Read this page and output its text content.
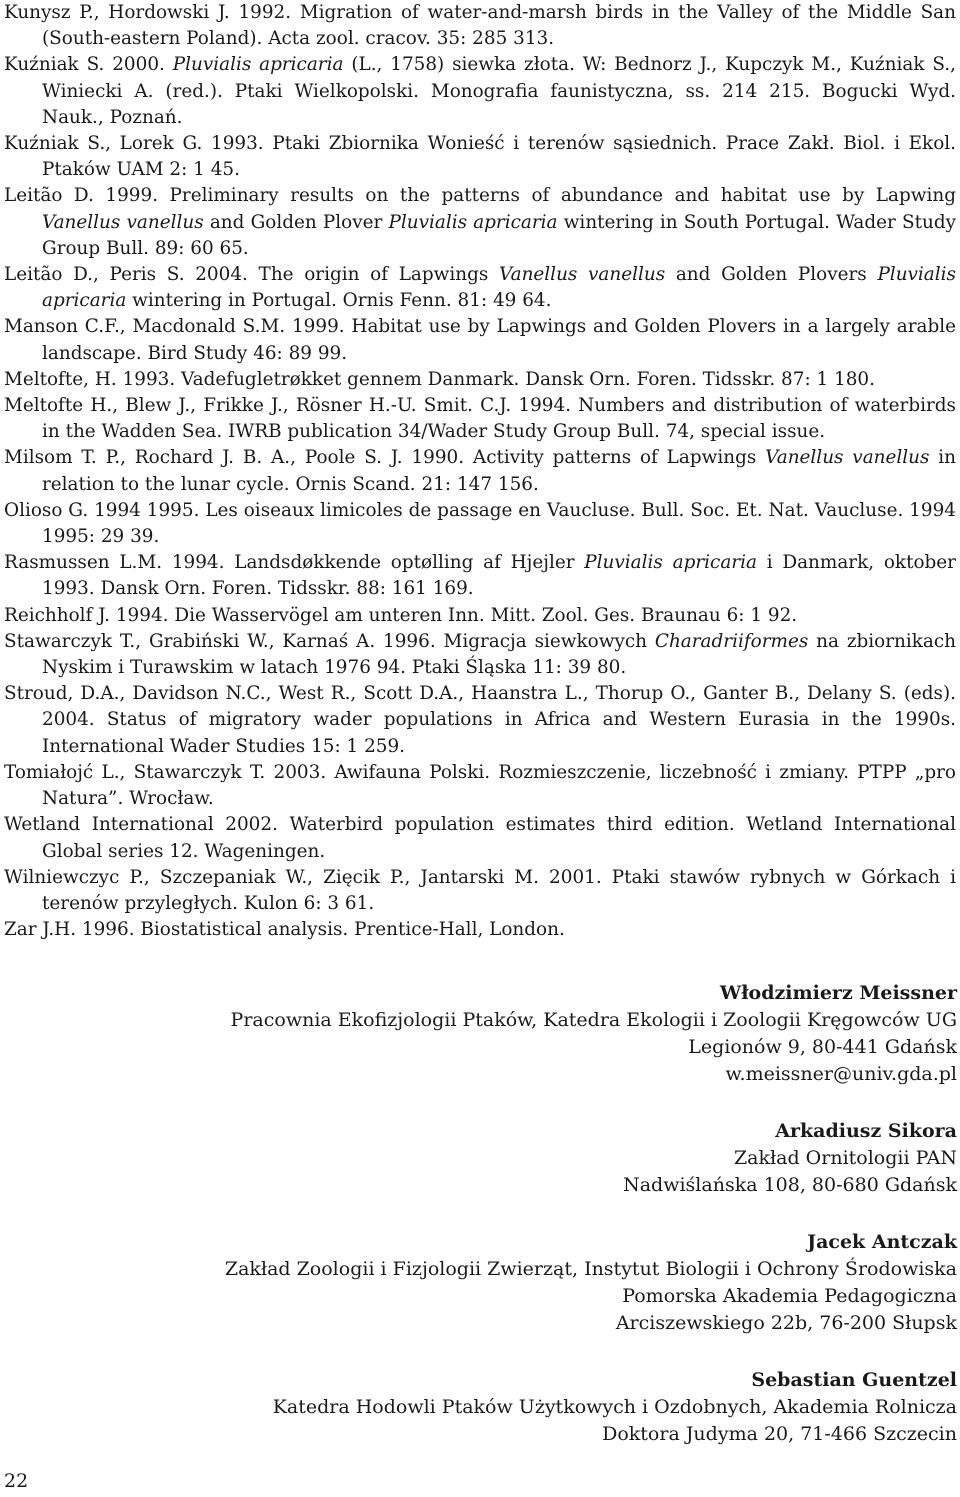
Kunysz P., Hordowski J. 1992. Migration of water-and-marsh birds in the Valley of the Middle San (South-eastern Poland). Acta zool. cracov. 35: 285 313.
Kuźniak S. 2000. Pluvialis apricaria (L., 1758) siewka złota. W: Bednorz J., Kupczyk M., Kuźniak S., Winiecki A. (red.). Ptaki Wielkopolski. Monografia faunistyczna, ss. 214 215. Bogucki Wyd. Nauk., Poznań.
Kuźniak S., Lorek G. 1993. Ptaki Zbiornika Wonieść i terenów sąsiednich. Prace Zakł. Biol. i Ekol. Ptaków UAM 2: 1 45.
Leitão D. 1999. Preliminary results on the patterns of abundance and habitat use by Lapwing Vanellus vanellus and Golden Plover Pluvialis apricaria wintering in South Portugal. Wader Study Group Bull. 89: 60 65.
Leitão D., Peris S. 2004. The origin of Lapwings Vanellus vanellus and Golden Plovers Pluvialis apricaria wintering in Portugal. Ornis Fenn. 81: 49 64.
Manson C.F., Macdonald S.M. 1999. Habitat use by Lapwings and Golden Plovers in a largely arable landscape. Bird Study 46: 89 99.
Meltofte, H. 1993. Vadefugletrøkket gennem Danmark. Dansk Orn. Foren. Tidsskr. 87: 1 180.
Meltofte H., Blew J., Frikke J., Rösner H.-U. Smit. C.J. 1994. Numbers and distribution of waterbirds in the Wadden Sea. IWRB publication 34/Wader Study Group Bull. 74, special issue.
Milsom T. P., Rochard J. B. A., Poole S. J. 1990. Activity patterns of Lapwings Vanellus vanellus in relation to the lunar cycle. Ornis Scand. 21: 147 156.
Olioso G. 1994 1995. Les oiseaux limicoles de passage en Vaucluse. Bull. Soc. Et. Nat. Vaucluse. 1994 1995: 29 39.
Rasmussen L.M. 1994. Landsdøkkende optølling af Hjejler Pluvialis apricaria i Danmark, oktober 1993. Dansk Orn. Foren. Tidsskr. 88: 161 169.
Reichholf J. 1994. Die Wasservögel am unteren Inn. Mitt. Zool. Ges. Braunau 6: 1 92.
Stawarczyk T., Grabiński W., Karnaś A. 1996. Migracja siewkowych Charadriiformes na zbiornikach Nyskim i Turawskim w latach 1976 94. Ptaki Śląska 11: 39 80.
Stroud, D.A., Davidson N.C., West R., Scott D.A., Haanstra L., Thorup O., Ganter B., Delany S. (eds). 2004. Status of migratory wader populations in Africa and Western Eurasia in the 1990s. International Wader Studies 15: 1 259.
Tomiałojć L., Stawarczyk T. 2003. Awifauna Polski. Rozmieszczenie, liczebność i zmiany. PTPP „pro Natura”. Wrocław.
Wetland International 2002. Waterbird population estimates third edition. Wetland International Global series 12. Wageningen.
Wilniewczyc P., Szczepaniak W., Zięcik P., Jantarski M. 2001. Ptaki stawów rybnych w Górkach i terenów przyległych. Kulon 6: 3 61.
Zar J.H. 1996. Biostatistical analysis. Prentice-Hall, London.
Włodzimierz Meissner
Pracownia Ekofizjologii Ptaków, Katedra Ekologii i Zoologii Kręgowców UG
Legionów 9, 80-441 Gdańsk
w.meissner@univ.gda.pl
Arkadiusz Sikora
Zakład Ornitologii PAN
Nadwiślańska 108, 80-680 Gdańsk
Jacek Antczak
Zakład Zoologii i Fizjologii Zwierząt, Instytut Biologii i Ochrony Środowiska
Pomorska Akademia Pedagogiczna
Arciszewskiego 22b, 76-200 Słupsk
Sebastian Guentzel
Katedra Hodowli Ptaków Użytkowych i Ozdobnych, Akademia Rolnicza
Doktora Judyma 20, 71-466 Szczecin
22
